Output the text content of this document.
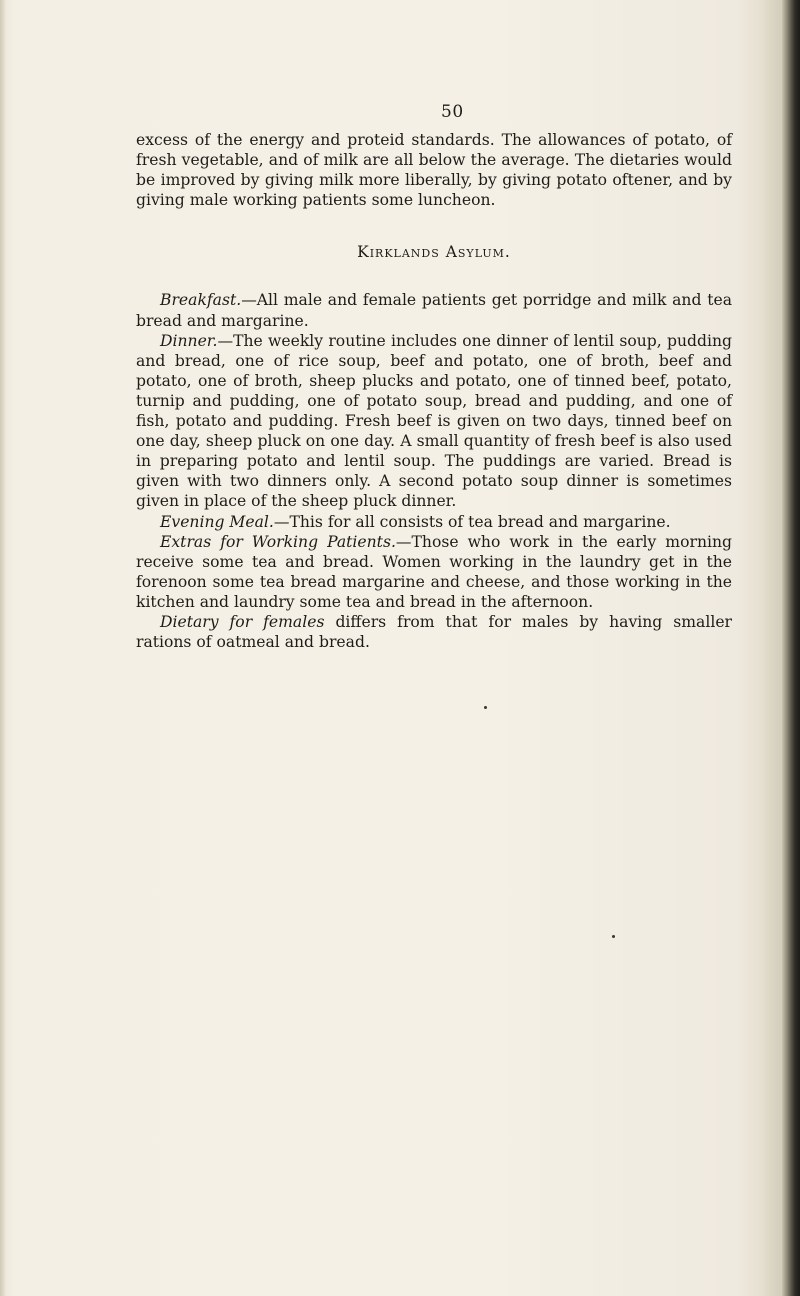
50

excess of the energy and proteid standards. The allowances of potato, of fresh vegetable, and of milk are all below the average. The dietaries would be improved by giving milk more liberally, by giving potato oftener, and by giving male working patients some luncheon.

Kirklands Asylum.

Breakfast.—All male and female patients get porridge and milk and tea bread and margarine.

Dinner.—The weekly routine includes one dinner of lentil soup, pudding and bread, one of rice soup, beef and potato, one of broth, beef and potato, one of broth, sheep plucks and potato, one of tinned beef, potato, turnip and pudding, one of potato soup, bread and pudding, and one of fish, potato and pudding. Fresh beef is given on two days, tinned beef on one day, sheep pluck on one day. A small quantity of fresh beef is also used in preparing potato and lentil soup. The puddings are varied. Bread is given with two dinners only. A second potato soup dinner is sometimes given in place of the sheep pluck dinner.

Evening Meal.—This for all consists of tea bread and margarine.

Extras for Working Patients.—Those who work in the early morning receive some tea and bread. Women working in the laundry get in the forenoon some tea bread margarine and cheese, and those working in the kitchen and laundry some tea and bread in the afternoon.

Dietary for females differs from that for males by having smaller rations of oatmeal and bread.
